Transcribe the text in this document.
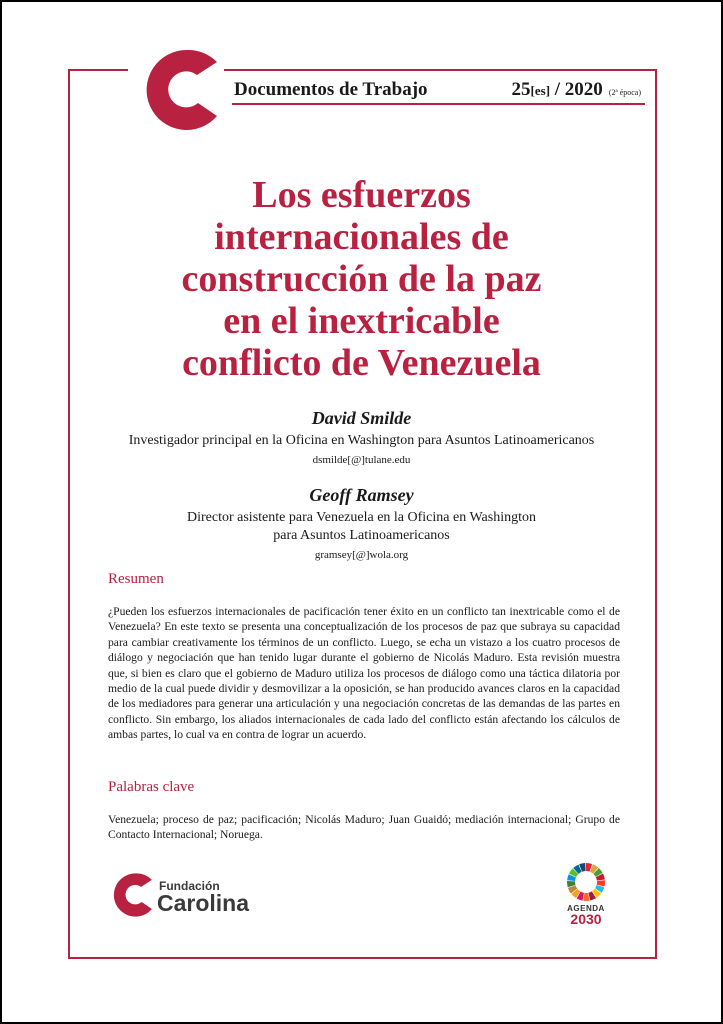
Documentos de Trabajo	25[es] / 2020 (2ª época)
Los esfuerzos
internacionales de
construcción de la paz
en el inextricable
conflicto de Venezuela
David Smilde
Investigador principal en la Oficina en Washington para Asuntos Latinoamericanos
dsmilde[@]tulane.edu
Geoff Ramsey
Director asistente para Venezuela en la Oficina en Washington
para Asuntos Latinoamericanos
gramsey[@]wola.org
Resumen
¿Pueden los esfuerzos internacionales de pacificación tener éxito en un conflicto tan inextricable como el de Venezuela? En este texto se presenta una conceptualización de los procesos de paz que subraya su capacidad para cambiar creativamente los términos de un conflicto. Luego, se echa un vistazo a los cuatro procesos de diálogo y negociación que han tenido lugar durante el gobierno de Nicolás Maduro. Esta revisión muestra que, si bien es claro que el gobierno de Maduro utiliza los procesos de diálogo como una táctica dilatoria por medio de la cual puede dividir y desmovilizar a la oposición, se han producido avances claros en la capacidad de los mediadores para generar una articulación y una negociación concretas de las demandas de las partes en conflicto. Sin embargo, los aliados internacionales de cada lado del conflicto están afectando los cálculos de ambas partes, lo cual va en contra de lograr un acuerdo.
Palabras clave
Venezuela; proceso de paz; pacificación; Nicolás Maduro; Juan Guaidó; mediación internacional; Grupo de Contacto Internacional; Noruega.
Fundación
Carolina	AGENDA
2030
